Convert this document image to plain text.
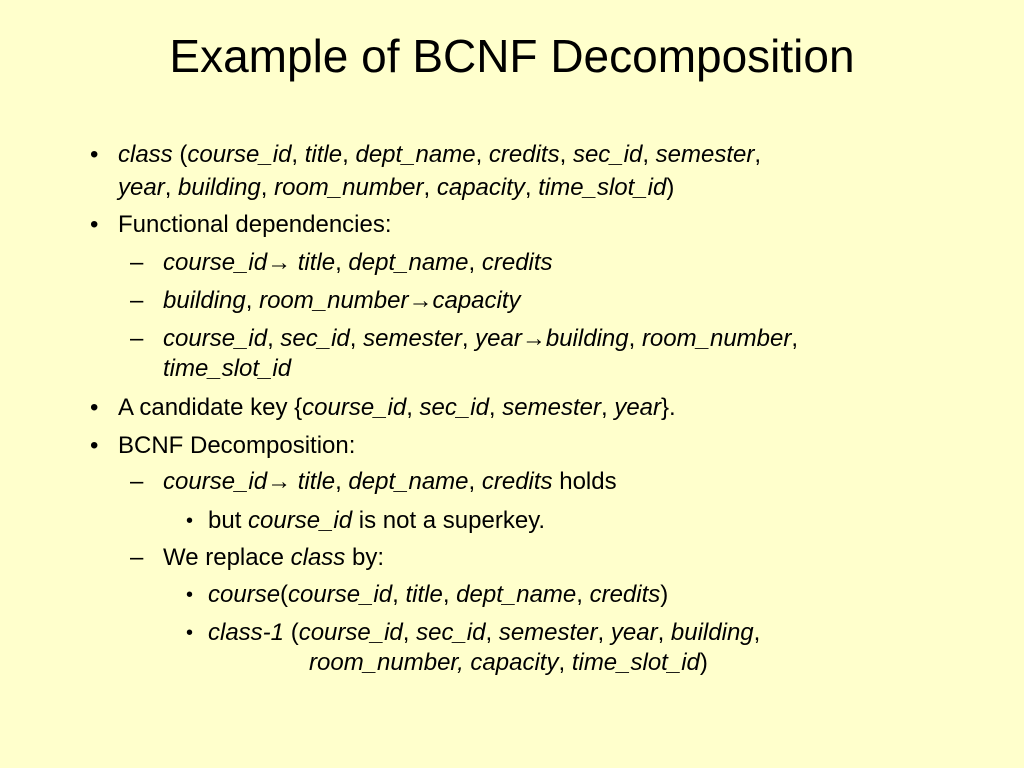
Example of BCNF Decomposition
• class (course_id, title, dept_name, credits, sec_id, semester,
year, building, room_number, capacity, time_slot_id)
• Functional dependencies:
– course_id→ title, dept_name, credits
– building, room_number→capacity
– course_id, sec_id, semester, year→building, room_number,
time_slot_id
• A candidate key {course_id, sec_id, semester, year}.
• BCNF Decomposition:
– course_id→ title, dept_name, credits holds
• but course_id is not a superkey.
– We replace class by:
• course(course_id, title, dept_name, credits)
• class-1 (course_id, sec_id, semester, year, building,
room_number, capacity, time_slot_id)
